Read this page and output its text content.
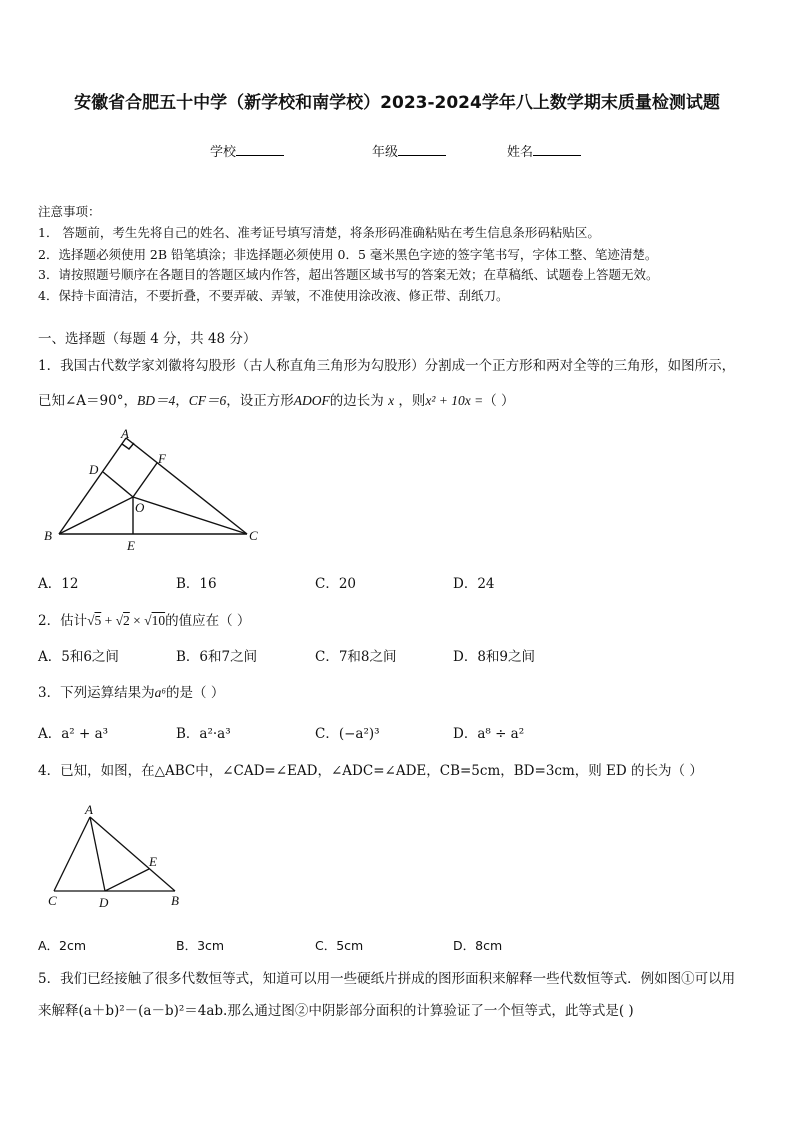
安徽省合肥五十中学（新学校和南学校）2023-2024学年八上数学期末质量检测试题
学校	年级	姓名
注意事项：
1． 答题前，考生先将自己的姓名、准考证号填写清楚，将条形码准确粘贴在考生信息条形码粘贴区。
2．选择题必须使用 2B 铅笔填涂；非选择题必须使用 0．5 毫米黑色字迹的签字笔书写，字体工整、笔迹清楚。
3．请按照题号顺序在各题目的答题区域内作答，超出答题区域书写的答案无效；在草稿纸、试题卷上答题无效。
4．保持卡面清洁，不要折叠，不要弄破、弄皱，不准使用涂改液、修正带、刮纸刀。
一、选择题（每题 4 分，共 48 分）
1．我国古代数学家刘徽将勾股形（古人称直角三角形为勾股形）分割成一个正方形和两对全等的三角形，如图所示，
已知∠A＝90°，BD＝4，CF＝6，设正方形ADOF的边长为 x ，则x² + 10x =（ ）
A
D
F
O
B
E
C
A．12	B．16	C．20	D．24
2．估计√5 + √2 × √10的值应在（ ）
A．5和6之间	B．6和7之间	C．7和8之间	D．8和9之间
3．下列运算结果为a⁶的是（ ）
A．a² + a³	B．a²·a³	C．(−a²)³	D．a⁸ ÷ a²
4．已知，如图，在△ABC中，∠CAD=∠EAD，∠ADC=∠ADE，CB=5cm，BD=3cm，则 ED 的长为（ ）
A
C	D
E
B
A．2cm	B．3cm	C．5cm	D．8cm
5．我们已经接触了很多代数恒等式，知道可以用一些硬纸片拼成的图形面积来解释一些代数恒等式．例如图①可以用
来解释(a＋b)²－(a－b)²＝4ab.那么通过图②中阴影部分面积的计算验证了一个恒等式，此等式是( )
